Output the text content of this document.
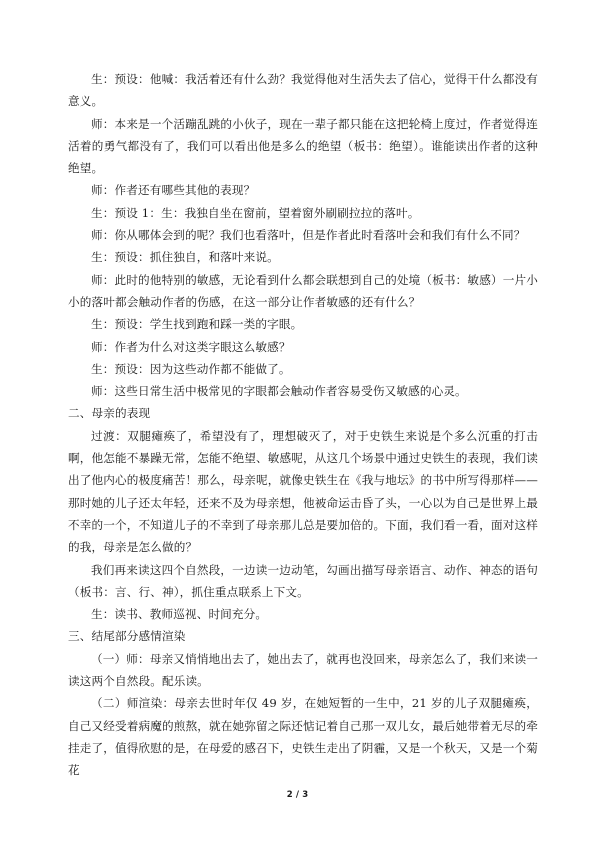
生：预设：他喊：我活着还有什么劲？我觉得他对生活失去了信心，觉得干什么都没有意义。

师：本来是一个活蹦乱跳的小伙子，现在一辈子都只能在这把轮椅上度过，作者觉得连活着的勇气都没有了，我们可以看出他是多么的绝望（板书：绝望）。谁能读出作者的这种绝望。

师：作者还有哪些其他的表现？

生：预设 1：生：我独自坐在窗前，望着窗外刷刷拉拉的落叶。

师：你从哪体会到的呢？我们也看落叶，但是作者此时看落叶会和我们有什么不同？

生：预设：抓住独自，和落叶来说。

师：此时的他特别的敏感，无论看到什么都会联想到自己的处境（板书：敏感）一片小小的落叶都会触动作者的伤感，在这一部分让作者敏感的还有什么？

生：预设：学生找到跑和踩一类的字眼。

师：作者为什么对这类字眼这么敏感？

生：预设：因为这些动作都不能做了。

师：这些日常生活中极常见的字眼都会触动作者容易受伤又敏感的心灵。

二、母亲的表现

过渡：双腿瘫痪了，希望没有了，理想破灭了，对于史铁生来说是个多么沉重的打击啊，他怎能不暴躁无常，怎能不绝望、敏感呢，从这几个场景中通过史铁生的表现，我们读出了他内心的极度痛苦！那么，母亲呢，就像史铁生在《我与地坛》的书中所写得那样——那时她的儿子还太年轻，还来不及为母亲想，他被命运击昏了头，一心以为自己是世界上最不幸的一个，不知道儿子的不幸到了母亲那儿总是要加倍的。下面，我们看一看，面对这样的我，母亲是怎么做的？

我们再来读这四个自然段，一边读一边动笔，勾画出描写母亲语言、动作、神态的语句（板书：言、行、神），抓住重点联系上下文。

生：读书、教师巡视、时间充分。

三、结尾部分感情渲染

（一）师：母亲又悄悄地出去了，她出去了，就再也没回来，母亲怎么了，我们来读一读这两个自然段。配乐读。

（二）师渲染：母亲去世时年仅 49 岁，在她短暂的一生中，21 岁的儿子双腿瘫痪，自己又经受着病魔的煎熬，就在她弥留之际还惦记着自己那一双儿女，最后她带着无尽的牵挂走了，值得欣慰的是，在母爱的感召下，史铁生走出了阴霾，又是一个秋天，又是一个菊花

2 / 3
